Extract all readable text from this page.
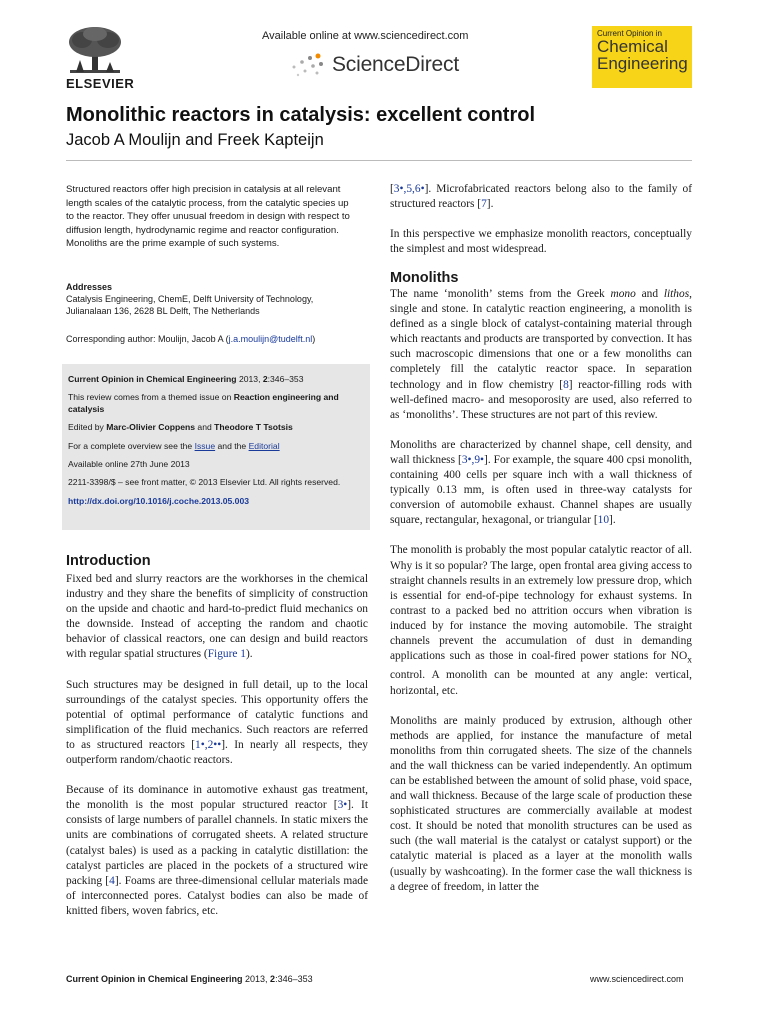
ELSEVIER
Available online at www.sciencedirect.com
ScienceDirect
Current Opinion in
Chemical
Engineering
Monolithic reactors in catalysis: excellent control
Jacob A Moulijn and Freek Kapteijn
Structured reactors offer high precision in catalysis at all relevant length scales of the catalytic process, from the catalytic species up to the reactor. They offer unusual freedom in design with respect to diffusion length, hydrodynamic regime and reactor configuration. Monoliths are the prime example of such systems.
Addresses
Catalysis Engineering, ChemE, Delft University of Technology,
Julianalaan 136, 2628 BL Delft, The Netherlands
Corresponding author: Moulijn, Jacob A (j.a.moulijn@tudelft.nl)

Current Opinion in Chemical Engineering 2013, 2:346–353

This review comes from a themed issue on Reaction engineering and catalysis

Edited by Marc-Olivier Coppens and Theodore T Tsotsis

For a complete overview see the Issue and the Editorial

Available online 27th June 2013

2211-3398/$ – see front matter, © 2013 Elsevier Ltd. All rights reserved.

http://dx.doi.org/10.1016/j.coche.2013.05.003

Introduction

Fixed bed and slurry reactors are the workhorses in the chemical industry and they share the benefits of simplicity of construction on the upside and chaotic and hard-to-predict fluid mechanics on the downside. Instead of accepting the random and chaotic behavior of classical reactors, one can design and build reactors with regular spatial structures (Figure 1).

Such structures may be designed in full detail, up to the local surroundings of the catalyst species. This opportunity offers the potential of optimal performance of catalytic functions and simplification of the fluid mechanics. Such reactors are referred to as structured reactors [1•,2••]. In nearly all respects, they outperform random/chaotic reactors.

Because of its dominance in automotive exhaust gas treatment, the monolith is the most popular structured reactor [3•]. It consists of large numbers of parallel channels. In static mixers the units are combinations of corrugated sheets. A related structure (catalyst bales) is used as a packing in catalytic distillation: the catalyst particles are placed in the pockets of a structured wire packing [4]. Foams are three-dimensional cellular materials made of interconnected pores. Catalyst bodies can also be made of knitted fibers, woven fabrics, etc.

[3•,5,6•]. Microfabricated reactors belong also to the family of structured reactors [7].

In this perspective we emphasize monolith reactors, conceptually the simplest and most widespread.

Monoliths

The name ‘monolith’ stems from the Greek mono and lithos, single and stone. In catalytic reaction engineering, a monolith is defined as a single block of catalyst-containing material through which reactants and products are transported by convection. It has such macroscopic dimensions that one or a few monoliths can completely fill the catalytic reactor space. In separation technology and in flow chemistry [8] reactor-filling rods with well-defined macro- and mesoporosity are used, also referred to as ‘monoliths’. These structures are not part of this review.

Monoliths are characterized by channel shape, cell density, and wall thickness [3•,9•]. For example, the square 400 cpsi monolith, containing 400 cells per square inch with a wall thickness of typically 0.13 mm, is often used in three-way catalysts for conversion of automobile exhaust. Channel shapes are usually square, rectangular, hexagonal, or triangular [10].

The monolith is probably the most popular catalytic reactor of all. Why is it so popular? The large, open frontal area giving access to straight channels results in an extremely low pressure drop, which is essential for end-of-pipe technology for exhaust systems. In contrast to a packed bed no attrition occurs when vibration is induced by for instance the moving automobile. The straight channels prevent the accumulation of dust in demanding applications such as those in coal-fired power stations for $NO_x$ control. A monolith can be mounted at any angle: vertical, horizontal, etc.

Monoliths are mainly produced by extrusion, although other methods are applied, for instance the manufacture of metal monoliths from thin corrugated sheets. The size of the channels and the wall thickness can be varied independently. An optimum can be established between the amount of solid phase, void space, and wall thickness. Because of the large scale of production these sophisticated structures are commercially available at modest cost. It should be noted that monolith structures can be used as such (the wall material is the catalyst or catalyst support) or the catalytic material is placed as a layer at the monolith walls (usually by washcoating). In the former case the wall thickness is a degree of freedom, in latter the

Current Opinion in Chemical Engineering 2013, 2:346–353	www.sciencedirect.com
